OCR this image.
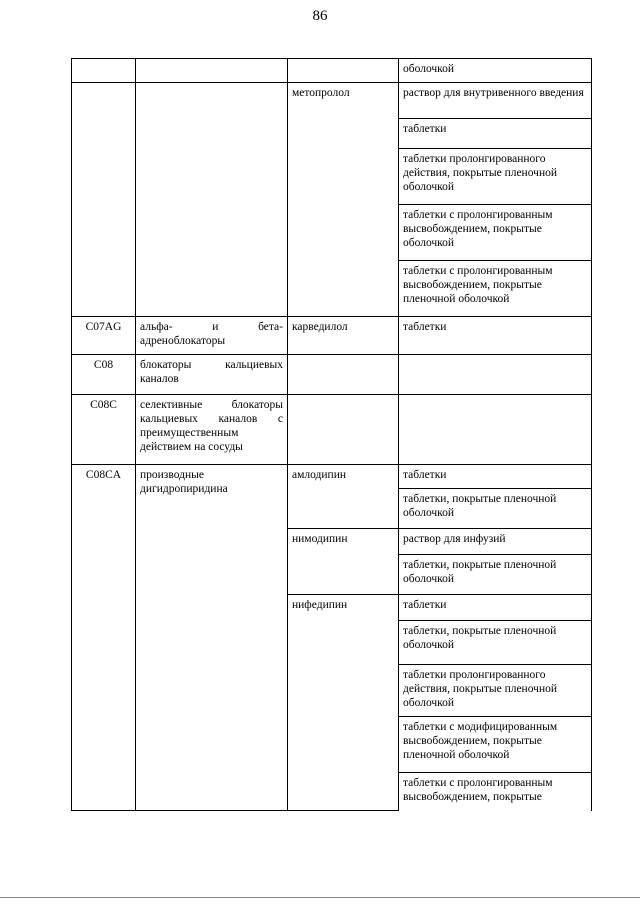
86
			оболочкой
		метопролол	раствор для внутривенного введения
			таблетки
			таблетки пролонгированного действия, покрытые пленочной оболочкой
			таблетки с пролонгированным высвобождением, покрытые оболочкой
			таблетки с пролонгированным высвобождением, покрытые пленочной оболочкой
C07AG	альфа- и бета-адреноблокаторы	карведилол	таблетки
C08	блокаторы кальциевых каналов		
C08C	селективные блокаторы кальциевых каналов с преимущественным действием на сосуды		
C08CA	производные дигидропиридина	амлодипин	таблетки
			таблетки, покрытые пленочной оболочкой
		нимодипин	раствор для инфузий
			таблетки, покрытые пленочной оболочкой
		нифедипин	таблетки
			таблетки, покрытые пленочной оболочкой
			таблетки пролонгированного действия, покрытые пленочной оболочкой
			таблетки с модифицированным высвобождением, покрытые пленочной оболочкой
			таблетки с пролонгированным высвобождением, покрытые
